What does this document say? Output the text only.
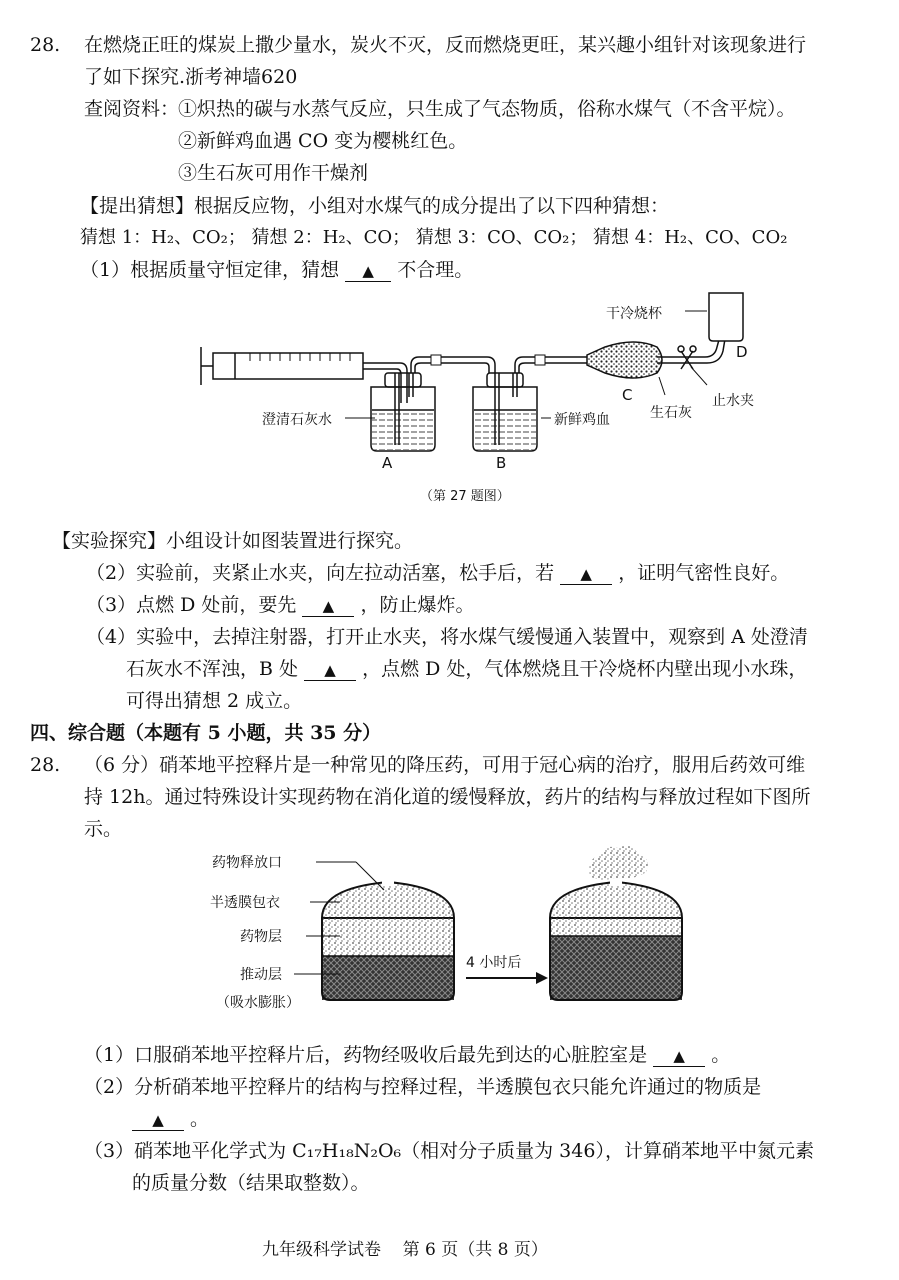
28. 在燃烧正旺的煤炭上撒少量水，炭火不灭，反而燃烧更旺，某兴趣小组针对该现象进行
了如下探究.浙考神墙620
查阅资料：
①炽热的碳与水蒸气反应，只生成了气态物质，俗称水煤气（不含平烷）。
②新鲜鸡血遇 CO 变为樱桃红色。
③生石灰可用作干燥剂
【提出猜想】根据反应物，小组对水煤气的成分提出了以下四种猜想：
猜想 1：H₂、CO₂； 猜想 2：H₂、CO； 猜想 3：CO、CO₂； 猜想 4：H₂、CO、CO₂
（1）根据质量守恒定律，猜想 ▲ 不合理。
干冷烧杯
D
澄清石灰水	新鲜鸡血
C
生石灰
止水夹
A	B
（第 27 题图）
【实验探究】小组设计如图装置进行探究。
（2）实验前，夹紧止水夹，向左拉动活塞，松手后，若 ▲ ，证明气密性良好。
（3）点燃 D 处前，要先 ▲ ，防止爆炸。
（4）实验中，去掉注射器，打开止水夹，将水煤气缓慢通入装置中，观察到 A 处澄清
石灰水不浑浊，B 处 ▲ ，点燃 D 处，气体燃烧且干冷烧杯内壁出现小水珠，
可得出猜想 2 成立。
四、综合题（本题有 5 小题，共 35 分）
28. （6 分）硝苯地平控释片是一种常见的降压药，可用于冠心病的治疗，服用后药效可维
持 12h。通过特殊设计实现药物在消化道的缓慢释放，药片的结构与释放过程如下图所
示。
药物释放口
半透膜包衣
药物层
推动层
（吸水膨胀）
4 小时后
（1）口服硝苯地平控释片后，药物经吸收后最先到达的心脏腔室是 ▲ 。
（2）分析硝苯地平控释片的结构与控释过程，半透膜包衣只能允许通过的物质是
▲ 。
（3）硝苯地平化学式为 C₁₇H₁₈N₂O₆（相对分子质量为 346），计算硝苯地平中氮元素
的质量分数（结果取整数）。
九年级科学试卷    第 6 页（共 8 页）
